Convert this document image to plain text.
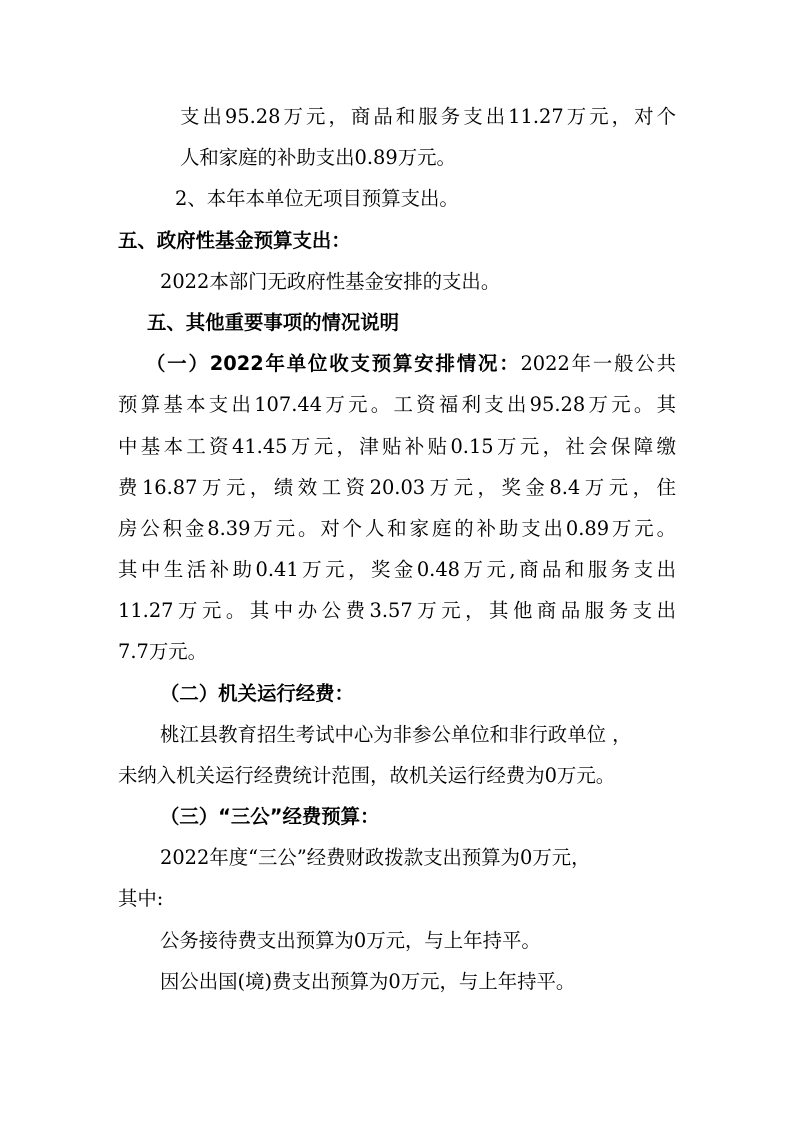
支出95.28万元，商品和服务支出11.27万元，对个
人和家庭的补助支出0.89万元。
2、本年本单位无项目预算支出。
五、政府性基金预算支出：
2022本部门无政府性基金安排的支出。
五、其他重要事项的情况说明
（一）2022年单位收支预算安排情况：2022年一般公共
预算基本支出107.44万元。工资福利支出95.28万元。其
中基本工资41.45万元，津贴补贴0.15万元，社会保障缴
费16.87万元，绩效工资20.03万元，奖金8.4万元，住
房公积金8.39万元。对个人和家庭的补助支出0.89万元。
其中生活补助0.41万元，奖金0.48万元,商品和服务支出
11.27万元。其中办公费3.57万元，其他商品服务支出
7.7万元。
（二）机关运行经费：
桃江县教育招生考试中心为非参公单位和非行政单位 ，
未纳入机关运行经费统计范围，故机关运行经费为0万元。
（三）“三公”经费预算：
2022年度“三公”经费财政拨款支出预算为0万元，
其中:
公务接待费支出预算为0万元，与上年持平。
因公出国(境)费支出预算为0万元，与上年持平。
